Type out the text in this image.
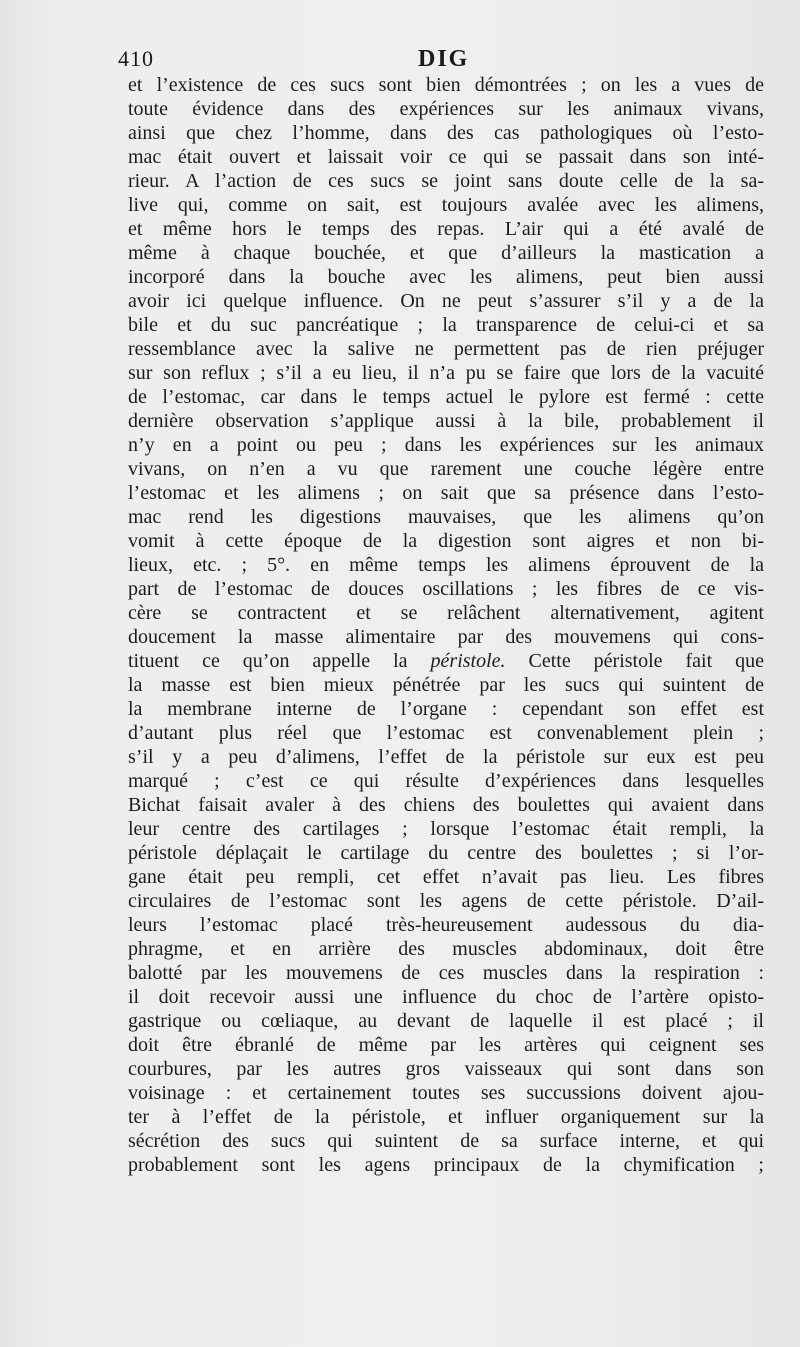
410	DIG
et l’existence de ces sucs sont bien démontrées ; on les a vues de
toute évidence dans des expériences sur les animaux vivans,
ainsi que chez l’homme, dans des cas pathologiques où l’esto-
mac était ouvert et laissait voir ce qui se passait dans son inté-
rieur. A l’action de ces sucs se joint sans doute celle de la sa-
live qui, comme on sait, est toujours avalée avec les alimens,
et même hors le temps des repas. L’air qui a été avalé de
même à chaque bouchée, et que d’ailleurs la mastication a
incorporé dans la bouche avec les alimens, peut bien aussi
avoir ici quelque influence. On ne peut s’assurer s’il y a de la
bile et du suc pancréatique ; la transparence de celui-ci et sa
ressemblance avec la salive ne permettent pas de rien préjuger
sur son reflux ; s’il a eu lieu, il n’a pu se faire que lors de la vacuité
de l’estomac, car dans le temps actuel le pylore est fermé : cette
dernière observation s’applique aussi à la bile, probablement il
n’y en a point ou peu ; dans les expériences sur les animaux
vivans, on n’en a vu que rarement une couche légère entre
l’estomac et les alimens ; on sait que sa présence dans l’esto-
mac rend les digestions mauvaises, que les alimens qu’on
vomit à cette époque de la digestion sont aigres et non bi-
lieux, etc. ; 5°. en même temps les alimens éprouvent de la
part de l’estomac de douces oscillations ; les fibres de ce vis-
cère se contractent et se relâchent alternativement, agitent
doucement la masse alimentaire par des mouvemens qui cons-
tituent ce qu’on appelle la péristole. Cette péristole fait que
la masse est bien mieux pénétrée par les sucs qui suintent de
la membrane interne de l’organe : cependant son effet est
d’autant plus réel que l’estomac est convenablement plein ;
s’il y a peu d’alimens, l’effet de la péristole sur eux est peu
marqué ; c’est ce qui résulte d’expériences dans lesquelles
Bichat faisait avaler à des chiens des boulettes qui avaient dans
leur centre des cartilages ; lorsque l’estomac était rempli, la
péristole déplaçait le cartilage du centre des boulettes ; si l’or-
gane était peu rempli, cet effet n’avait pas lieu. Les fibres
circulaires de l’estomac sont les agens de cette péristole. D’ail-
leurs l’estomac placé très-heureusement audessous du dia-
phragme, et en arrière des muscles abdominaux, doit être
balotté par les mouvemens de ces muscles dans la respiration :
il doit recevoir aussi une influence du choc de l’artère opisto-
gastrique ou cœliaque, au devant de laquelle il est placé ; il
doit être ébranlé de même par les artères qui ceignent ses
courbures, par les autres gros vaisseaux qui sont dans son
voisinage : et certainement toutes ses succussions doivent ajou-
ter à l’effet de la péristole, et influer organiquement sur la
sécrétion des sucs qui suintent de sa surface interne, et qui
probablement sont les agens principaux de la chymification ;
